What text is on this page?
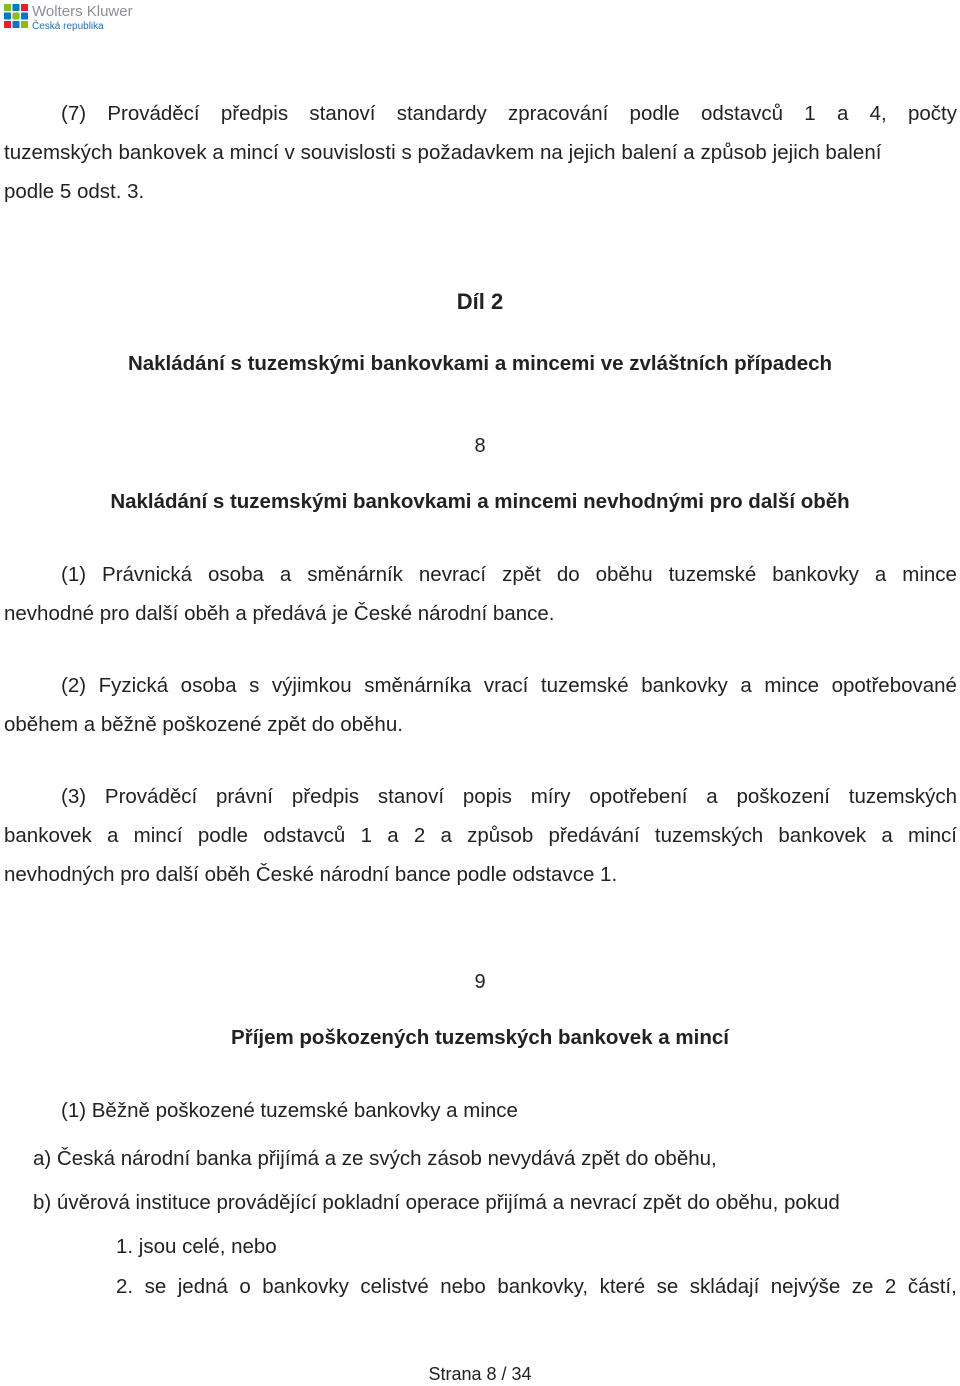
Wolters Kluwer
Česká republika
(7) Prováděcí předpis stanoví standardy zpracování podle odstavců 1 a 4, počty
tuzemských bankovek a mincí v souvislosti s požadavkem na jejich balení a způsob jejich balení
podle 5 odst. 3.
Díl 2
Nakládání s tuzemskými bankovkami a mincemi ve zvláštních případech
8
Nakládání s tuzemskými bankovkami a mincemi nevhodnými pro další oběh
(1) Právnická osoba a směnárník nevrací zpět do oběhu tuzemské bankovky a mince
nevhodné pro další oběh a předává je České národní bance.
(2) Fyzická osoba s výjimkou směnárníka vrací tuzemské bankovky a mince opotřebované
oběhem a běžně poškozené zpět do oběhu.
(3) Prováděcí právní předpis stanoví popis míry opotřebení a poškození tuzemských
bankovek a mincí podle odstavců 1 a 2 a způsob předávání tuzemských bankovek a mincí
nevhodných pro další oběh České národní bance podle odstavce 1.
9
Příjem poškozených tuzemských bankovek a mincí
(1) Běžně poškozené tuzemské bankovky a mince
a) Česká národní banka přijímá a ze svých zásob nevydává zpět do oběhu,
b) úvěrová instituce provádějící pokladní operace přijímá a nevrací zpět do oběhu, pokud
1. jsou celé, nebo
2. se jedná o bankovky celistvé nebo bankovky, které se skládají nejvýše ze 2 částí,
Strana 8 / 34
